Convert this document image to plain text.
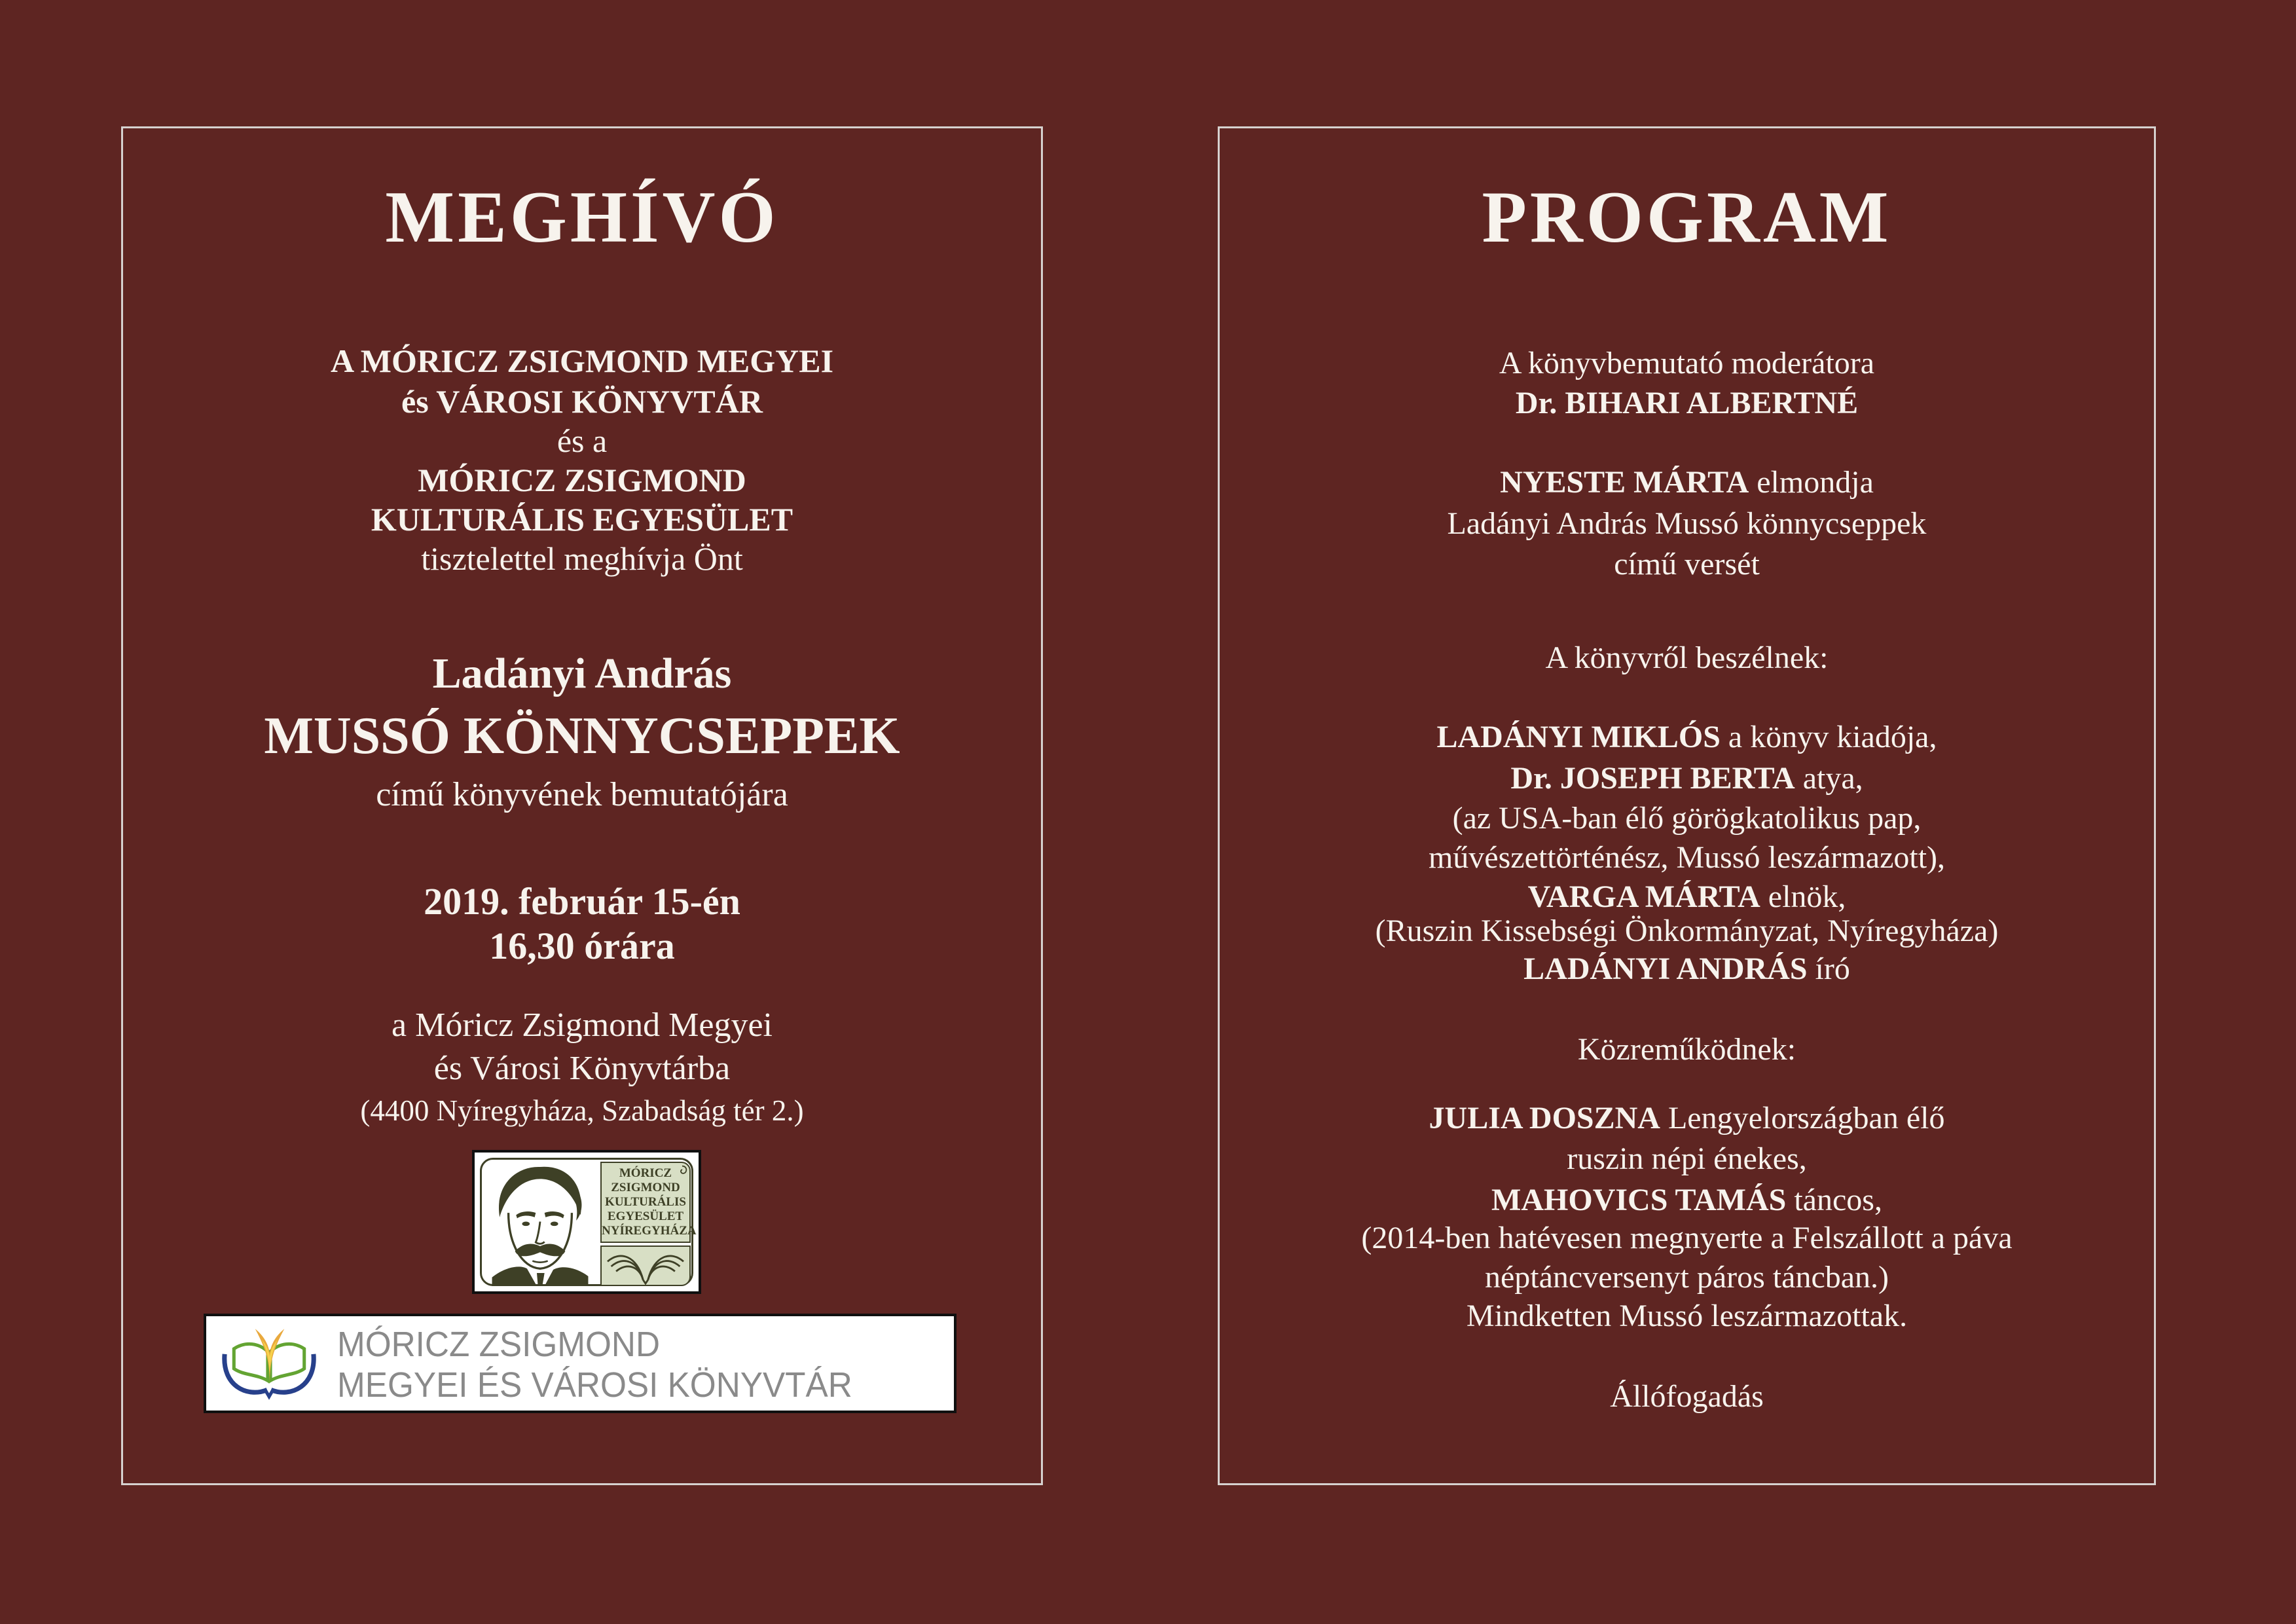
MEGHÍVÓ
A MÓRICZ ZSIGMOND MEGYEI
és VÁROSI KÖNYVTÁR
és a
MÓRICZ ZSIGMOND
KULTURÁLIS EGYESÜLET
tisztelettel meghívja Önt
Ladányi András
MUSSÓ KÖNNYCSEPPEK
című könyvének bemutatójára
2019. február 15-én
16,30 órára
a Móricz Zsigmond Megyei
és Városi Könyvtárba
(4400 Nyíregyháza, Szabadság tér 2.)
MÓRICZ
ZSIGMOND
KULTURÁLIS
EGYESÜLET
NYÍREGYHÁZA
MÓRICZ ZSIGMOND
MEGYEI ÉS VÁROSI KÖNYVTÁR
PROGRAM
A könyvbemutató moderátora
Dr. BIHARI ALBERTNÉ
NYESTE MÁRTA elmondja
Ladányi András Mussó könnycseppek
című versét
A könyvről beszélnek:
LADÁNYI MIKLÓS a könyv kiadója,
Dr. JOSEPH BERTA atya,
(az USA-ban élő görögkatolikus pap,
művészettörténész, Mussó leszármazott),
VARGA MÁRTA elnök,
(Ruszin Kissebségi Önkormányzat, Nyíregyháza)
LADÁNYI ANDRÁS író
Közreműködnek:
JULIA DOSZNA Lengyelországban élő
ruszin népi énekes,
MAHOVICS TAMÁS táncos,
(2014-ben hatévesen megnyerte a Felszállott a páva
néptáncversenyt páros táncban.)
Mindketten Mussó leszármazottak.
Állófogadás
